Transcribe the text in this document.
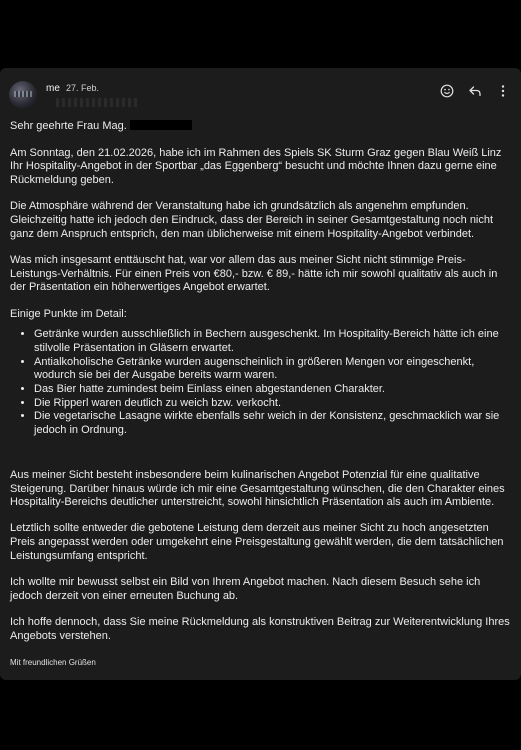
me 27. Feb.

Sehr geehrte Frau Mag.

Am Sonntag, den 21.02.2026, habe ich im Rahmen des Spiels SK Sturm Graz gegen Blau Weiß Linz Ihr Hospitality-Angebot in der Sportbar „das Eggenberg“ besucht und möchte Ihnen dazu gerne eine Rückmeldung geben.

Die Atmosphäre während der Veranstaltung habe ich grundsätzlich als angenehm empfunden. Gleichzeitig hatte ich jedoch den Eindruck, dass der Bereich in seiner Gesamtgestaltung noch nicht ganz dem Anspruch entsprich, den man üblicherweise mit einem Hospitality-Angebot verbindet.

Was mich insgesamt enttäuscht hat, war vor allem das aus meiner Sicht nicht stimmige Preis-Leistungs-Verhältnis. Für einen Preis von €80,- bzw. € 89,- hätte ich mir sowohl qualitativ als auch in der Präsentation ein höherwertiges Angebot erwartet.

Einige Punkte im Detail:

• Getränke wurden ausschließlich in Bechern ausgeschenkt. Im Hospitality-Bereich hätte ich eine stilvolle Präsentation in Gläsern erwartet.
• Antialkoholische Getränke wurden augenscheinlich in größeren Mengen vor eingeschenkt, wodurch sie bei der Ausgabe bereits warm waren.
• Das Bier hatte zumindest beim Einlass einen abgestandenen Charakter.
• Die Ripperl waren deutlich zu weich bzw. verkocht.
• Die vegetarische Lasagne wirkte ebenfalls sehr weich in der Konsistenz, geschmacklich war sie jedoch in Ordnung.

Aus meiner Sicht besteht insbesondere beim kulinarischen Angebot Potenzial für eine qualitative Steigerung. Darüber hinaus würde ich mir eine Gesamtgestaltung wünschen, die den Charakter eines Hospitality-Bereichs deutlicher unterstreicht, sowohl hinsichtlich Präsentation als auch im Ambiente.

Letztlich sollte entweder die gebotene Leistung dem derzeit aus meiner Sicht zu hoch angesetzten Preis angepasst werden oder umgekehrt eine Preisgestaltung gewählt werden, die dem tatsächlichen Leistungsumfang entspricht.

Ich wollte mir bewusst selbst ein Bild von Ihrem Angebot machen. Nach diesem Besuch sehe ich jedoch derzeit von einer erneuten Buchung ab.

Ich hoffe dennoch, dass Sie meine Rückmeldung als konstruktiven Beitrag zur Weiterentwicklung Ihres Angebots verstehen.

Mit freundlichen Grüßen
